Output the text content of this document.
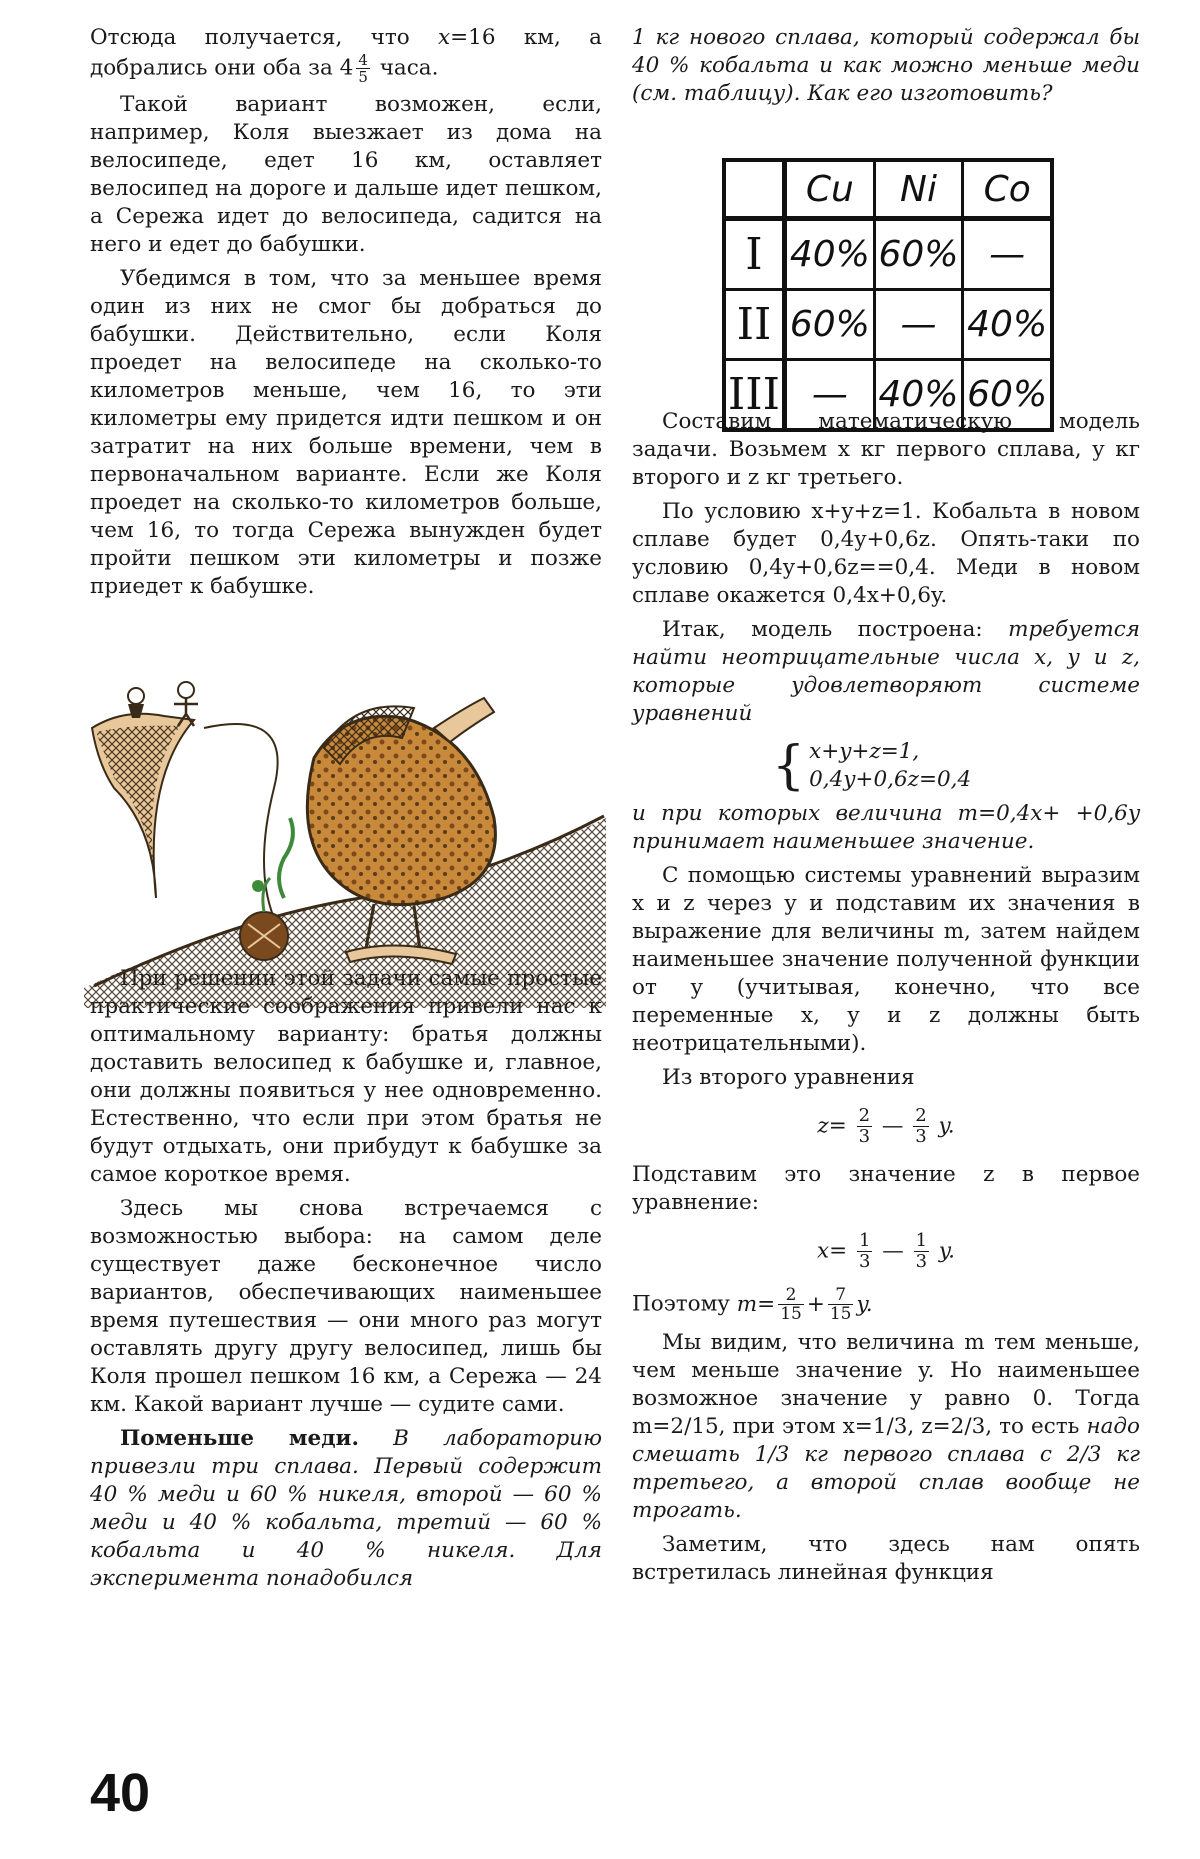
Отсюда получается, что x=16 км, а добрались они оба за $4 \frac{4}{5}$ часа.

Такой вариант возможен, если, например, Коля выезжает из дома на велосипеде, едет 16 км, оставляет велосипед на дороге и дальше идет пешком, а Сережа идет до велосипеда, садится на него и едет до бабушки.

Убедимся в том, что за меньшее время один из них не смог бы добраться до бабушки. Действительно, если Коля проедет на велосипеде на сколько-то километров меньше, чем 16, то эти километры ему придется идти пешком и он затратит на них больше времени, чем в первоначальном варианте. Если же Коля проедет на сколько-то километров больше, чем 16, то тогда Сережа вынужден будет пройти пешком эти километры и позже приедет к бабушке.

оптимальному варианту: братья должны доставить велосипед к бабушке и, главное, они должны появиться у нее одновременно. Естественно, что если при этом братья не будут отдыхать, они прибудут к бабушке за самое короткое время.

Здесь мы снова встречаемся с возможностью выбора: на самом деле существует даже бесконечное число вариантов, обеспечивающих наименьшее время путешествия — они много раз могут оставлять другу другу велосипед, лишь бы Коля прошел пешком 16 км, а Сережа — 24 км. Какой вариант лучше — судите сами.

Поменьше меди. В лабораторию привезли три сплава. Первый содержит 40 % меди и 60 % никеля, второй — 60 % меди и 40 % кобальта, третий — 60 % кобальта и 40 % никеля. Для эксперимента понадобился

1 кг нового сплава, который содержал бы 40 % кобальта и как можно меньше меди (см. таблицу). Как его изготовить?

Составим математическую модель задачи. Возьмем x кг первого сплава, y кг второго и z кг третьего.

По условию x+y+z=1. Кобальта в новом сплаве будет 0,4y+0,6z. Опять-таки по условию 0,4y+0,6z==0,4. Меди в новом сплаве окажется 0,4x+0,6y.

Итак, модель построена: требуется найти неотрицательные числа x, y и z, которые удовлетворяют системе уравнений

{ x+y+z=1,
0,4y+0,6z=0,4

и при которых величина m=0,4x+ +0,6y принимает наименьшее значение.

С помощью системы уравнений выразим x и z через y и подставим их значения в выражение для величины m, затем найдем наименьшее значение полученной функции от y (учитывая, конечно, что все переменные x, y и z должны быть неотрицательными).

Из второго уравнения

$z= \frac{2}{3}$ — $\frac{2}{3} y$.

Подставим это значение z в первое уравнение:

$x= \frac{1}{3}$ — $\frac{1}{3} y$.

Поэтому $m= \frac{2}{15} + \frac{7}{15} y$.

Мы видим, что величина m тем меньше, чем меньше значение y. Но наименьшее возможное значение y равно 0. Тогда m=2/15, при этом x=1/3, z=2/3, то есть надо смешать 1/3 кг первого сплава с 2/3 кг третьего, а второй сплав вообще не трогать.

Заметим, что здесь нам опять встретилась линейная функция

	Cu	Ni	Co
I	40%	60%	—
II	60%	—	40%
III	—	40%	60%
40
